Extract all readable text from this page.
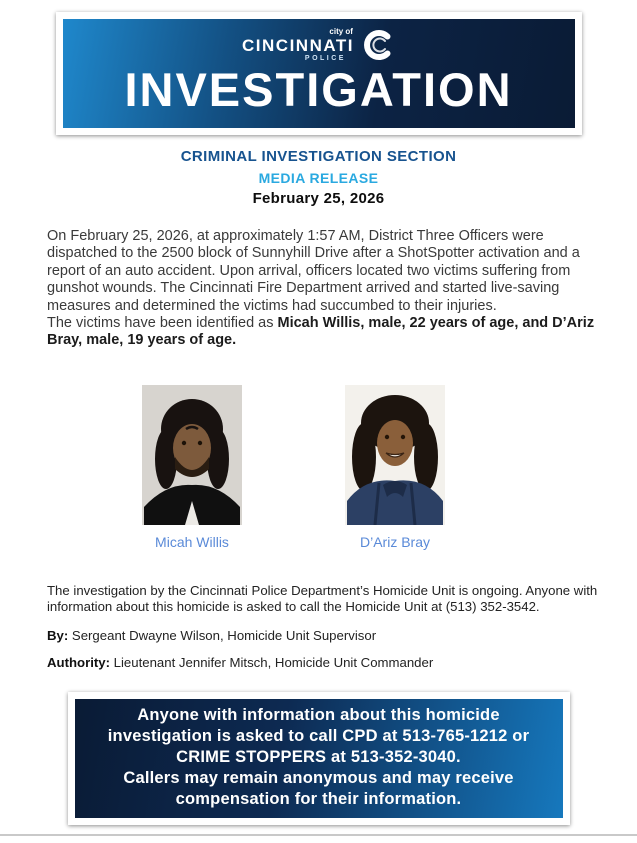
city of
CINCINNATI
POLICE
INVESTIGATION
CRIMINAL INVESTIGATION SECTION
MEDIA RELEASE
February 25, 2026
On February 25, 2026, at approximately 1:57 AM, District Three Officers were dispatched to the 2500 block of Sunnyhill Drive after a ShotSpotter activation and a report of an auto accident. Upon arrival, officers located two victims suffering from gunshot wounds. The Cincinnati Fire Department arrived and started live-saving measures and determined the victims had succumbed to their injuries.
The victims have been identified as Micah Willis, male, 22 years of age, and D’Ariz Bray, male, 19 years of age.
Micah Willis	D’Ariz Bray
The investigation by the Cincinnati Police Department’s Homicide Unit is ongoing. Anyone with information about this homicide is asked to call the Homicide Unit at (513) 352-3542.
By: Sergeant Dwayne Wilson, Homicide Unit Supervisor
Authority: Lieutenant Jennifer Mitsch, Homicide Unit Commander
Anyone with information about this homicide
investigation is asked to call CPD at 513-765-1212 or
CRIME STOPPERS at 513-352-3040.
Callers may remain anonymous and may receive
compensation for their information.
